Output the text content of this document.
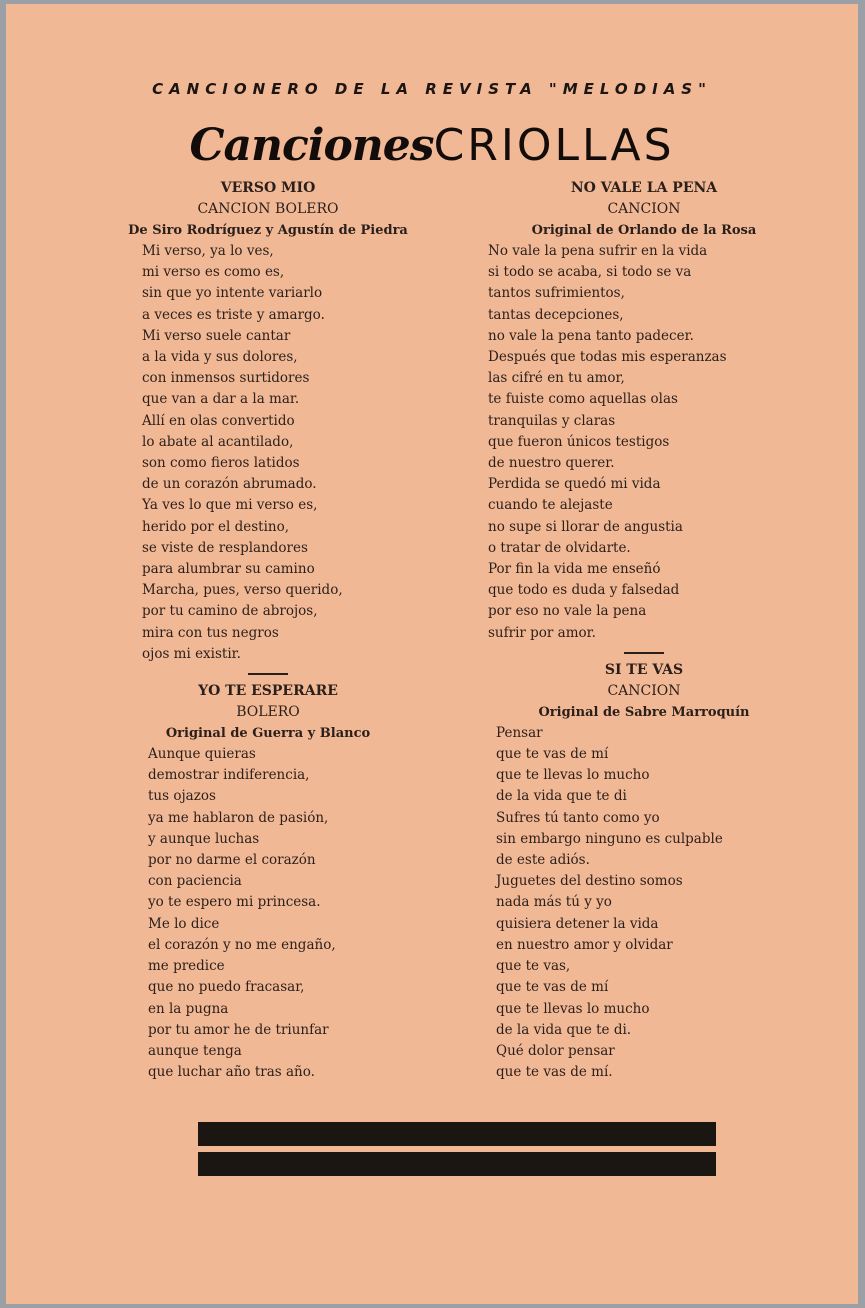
CANCIONERO DE LA REVISTA "MELODIAS"
CancionesCRIOLLAS
VERSO MIO
CANCION BOLERO
De Siro Rodríguez y Agustín de Piedra
Mi verso, ya lo ves,
mi verso es como es,
sin que yo intente variarlo
a veces es triste y amargo.
Mi verso suele cantar
a la vida y sus dolores,
con inmensos surtidores
que van a dar a la mar.
Allí en olas convertido
lo abate al acantilado,
son como fieros latidos
de un corazón abrumado.
Ya ves lo que mi verso es,
herido por el destino,
se viste de resplandores
para alumbrar su camino
Marcha, pues, verso querido,
por tu camino de abrojos,
mira con tus negros
ojos mi existir.
YO TE ESPERARE
BOLERO
Original de Guerra y Blanco
Aunque quieras
demostrar indiferencia,
tus ojazos
ya me hablaron de pasión,
y aunque luchas
por no darme el corazón
con paciencia
yo te espero mi princesa.
Me lo dice
el corazón y no me engaño,
me predice
que no puedo fracasar,
en la pugna
por tu amor he de triunfar
aunque tenga
que luchar año tras año.
NO VALE LA PENA
CANCION
Original de Orlando de la Rosa
No vale la pena sufrir en la vida
si todo se acaba, si todo se va
tantos sufrimientos,
tantas decepciones,
no vale la pena tanto padecer.
Después que todas mis esperanzas
las cifré en tu amor,
te fuiste como aquellas olas
tranquilas y claras
que fueron únicos testigos
de nuestro querer.
Perdida se quedó mi vida
cuando te alejaste
no supe si llorar de angustia
o tratar de olvidarte.
Por fin la vida me enseñó
que todo es duda y falsedad
por eso no vale la pena
sufrir por amor.
SI TE VAS
CANCION
Original de Sabre Marroquín
Pensar
que te vas de mí
que te llevas lo mucho
de la vida que te di
Sufres tú tanto como yo
sin embargo ninguno es culpable
de este adiós.
Juguetes del destino somos
nada más tú y yo
quisiera detener la vida
en nuestro amor y olvidar
que te vas,
que te vas de mí
que te llevas lo mucho
de la vida que te di.
Qué dolor pensar
que te vas de mí.
